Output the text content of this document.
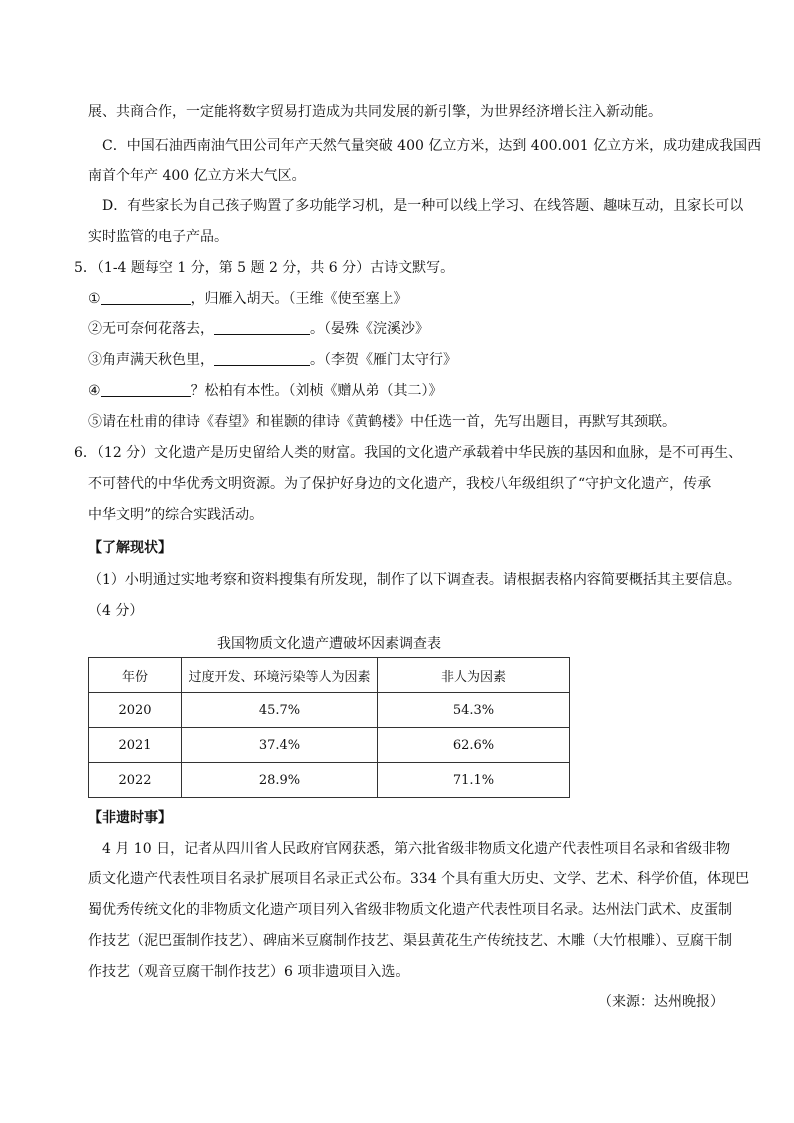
展、共商合作，一定能将数字贸易打造成为共同发展的新引擎，为世界经济增长注入新动能。
C．中国石油西南油气田公司年产天然气量突破 400 亿立方米，达到 400.001 亿立方米，成功建成我国西
南首个年产 400 亿立方米大气区。
D．有些家长为自己孩子购置了多功能学习机，是一种可以线上学习、在线答题、趣味互动，且家长可以
实时监管的电子产品。
5．（1-4 题每空 1 分，第 5 题 2 分，共 6 分）古诗文默写。
①	，归雁入胡天。（王维《使至塞上》
②无可奈何花落去，	。（晏殊《浣溪沙》
③角声满天秋色里，	。（李贺《雁门太守行》
④	？松柏有本性。（刘桢《赠从弟（其二）》
⑤请在杜甫的律诗《春望》和崔颢的律诗《黄鹤楼》中任选一首，先写出题目，再默写其颈联。
6．（12 分）文化遗产是历史留给人类的财富。我国的文化遗产承载着中华民族的基因和血脉，是不可再生、
不可替代的中华优秀文明资源。为了保护好身边的文化遗产，我校八年级组织了“守护文化遗产，传承
中华文明”的综合实践活动。
【了解现状】
（1）小明通过实地考察和资料搜集有所发现，制作了以下调查表。请根据表格内容简要概括其主要信息。
（4 分）
我国物质文化遗产遭破坏因素调查表
年份	过度开发、环境污染等人为因素	非人为因素
2020	45.7%	54.3%
2021	37.4%	62.6%
2022	28.9%	71.1%
【非遗时事】
4 月 10 日，记者从四川省人民政府官网获悉，第六批省级非物质文化遗产代表性项目名录和省级非物
质文化遗产代表性项目名录扩展项目名录正式公布。334 个具有重大历史、文学、艺术、科学价值，体现巴
蜀优秀传统文化的非物质文化遗产项目列入省级非物质文化遗产代表性项目名录。达州法门武术、皮蛋制
作技艺（泥巴蛋制作技艺）、碑庙米豆腐制作技艺、渠县黄花生产传统技艺、木雕（大竹根雕）、豆腐干制
作技艺（观音豆腐干制作技艺）6 项非遗项目入选。
（来源：达州晚报）
